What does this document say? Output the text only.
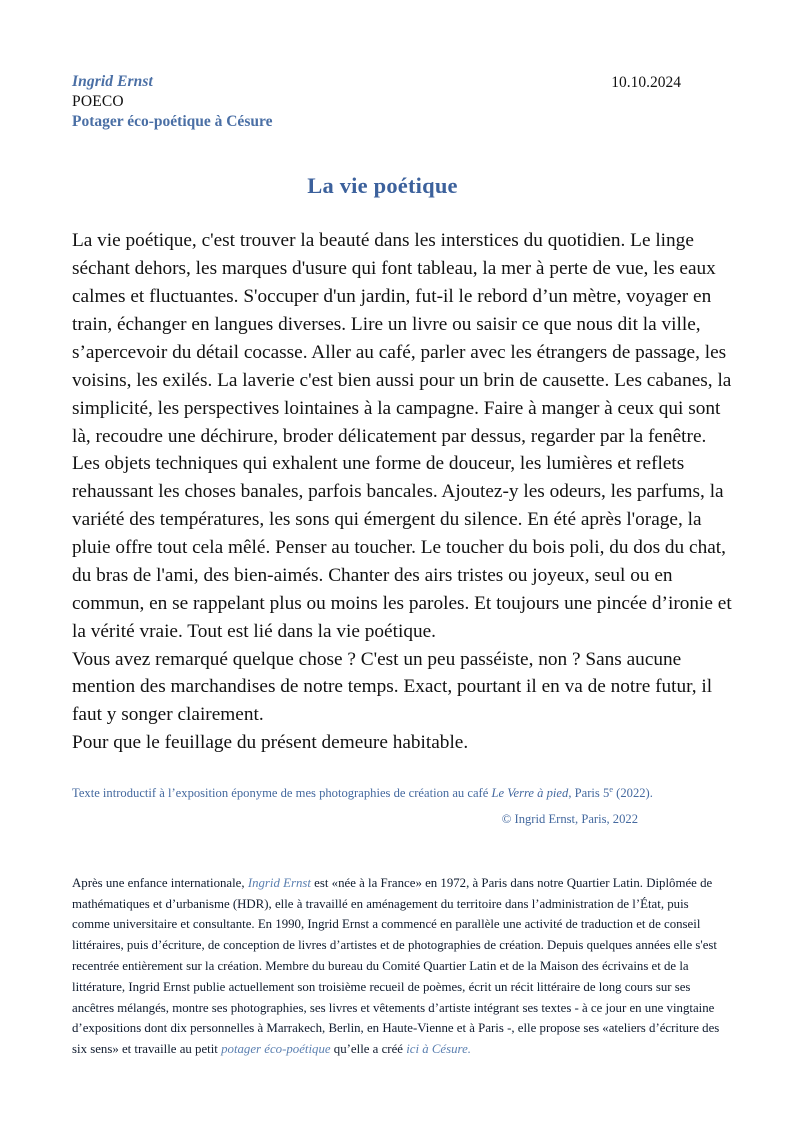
Ingrid Ernst
POECO
Potager éco-poétique à Césure
10.10.2024
La vie poétique

La vie poétique, c'est trouver la beauté dans les interstices du quotidien. Le linge séchant dehors, les marques d'usure qui font tableau, la mer à perte de vue, les eaux calmes et fluctuantes. S'occuper d'un jardin, fut-il le rebord d’un mètre, voyager en train, échanger en langues diverses. Lire un livre ou saisir ce que nous dit la ville, s’apercevoir du détail cocasse. Aller au café, parler avec les étrangers de passage, les voisins, les exilés. La laverie c'est bien aussi pour un brin de causette. Les cabanes, la simplicité, les perspectives lointaines à la campagne. Faire à manger à ceux qui sont là, recoudre une déchirure, broder délicatement par dessus, regarder par la fenêtre. Les objets techniques qui exhalent une forme de douceur, les lumières et reflets rehaussant les choses banales, parfois bancales. Ajoutez-y les odeurs, les parfums, la variété des températures, les sons qui émergent du silence. En été après l'orage, la pluie offre tout cela mêlé. Penser au toucher. Le toucher du bois poli, du dos du chat, du bras de l'ami, des bien-aimés. Chanter des airs tristes ou joyeux, seul ou en commun, en se rappelant plus ou moins les paroles. Et toujours une pincée d’ironie et la vérité vraie. Tout est lié dans la vie poétique.

Vous avez remarqué quelque chose ? C'est un peu passéiste, non ? Sans aucune mention des marchandises de notre temps. Exact, pourtant il en va de notre futur, il faut y songer clairement.

Pour que le feuillage du présent demeure habitable.

Texte introductif à l’exposition éponyme de mes photographies de création au café Le Verre à pied, Paris 5e (2022).
© Ingrid Ernst, Paris, 2022
Après une enfance internationale, Ingrid Ernst est «née à la France» en 1972, à Paris dans notre Quartier Latin. Diplômée de mathématiques et d’urbanisme (HDR), elle à travaillé en aménagement du territoire dans l’administration de l’État, puis comme universitaire et consultante. En 1990, Ingrid Ernst a commencé en parallèle une activité de traduction et de conseil littéraires, puis d’écriture, de conception de livres d’artistes et de photographies de création. Depuis quelques années elle s'est recentrée entièrement sur la création. Membre du bureau du Comité Quartier Latin et de la Maison des écrivains et de la littérature, Ingrid Ernst publie actuellement son troisième recueil de poèmes, écrit un récit littéraire de long cours sur ses ancêtres mélangés, montre ses photographies, ses livres et vêtements d’artiste intégrant ses textes - à ce jour en une vingtaine d’expositions dont dix personnelles à Marrakech, Berlin, en Haute-Vienne et à Paris -, elle propose ses «ateliers d’écriture des six sens» et travaille au petit potager éco-poétique qu’elle a créé ici à Césure.
